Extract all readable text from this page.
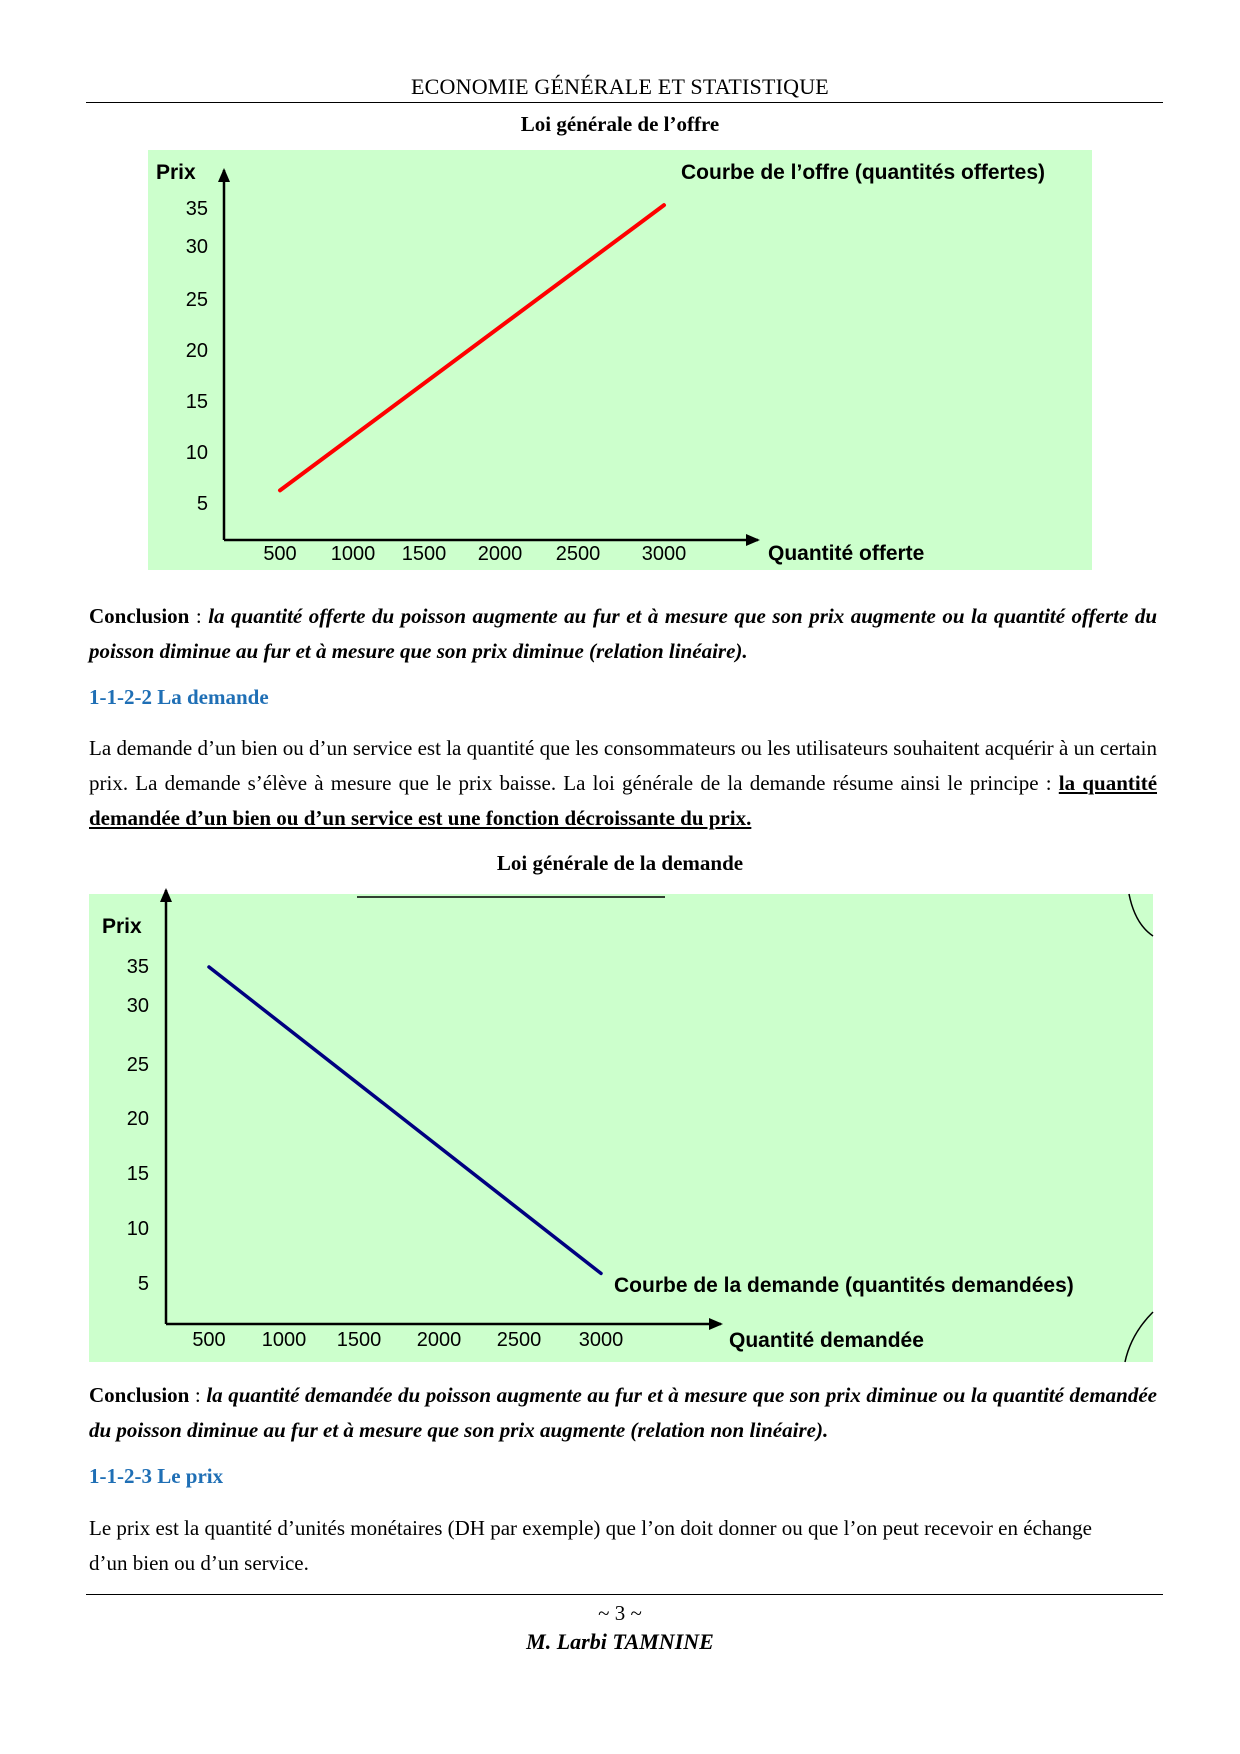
ECONOMIE GÉNÉRALE ET STATISTIQUE
Loi générale de l’offre
Prix
Quantité offerte
Courbe de l’offre (quantités offertes)
35
30
25
20
15
10
5
500 1000 1500 2000 2500 3000
Conclusion : la quantité offerte du poisson augmente au fur et à mesure que son prix augmente ou la quantité offerte du poisson diminue au fur et à mesure que son prix diminue (relation linéaire).
1-1-2-2 La demande
La demande d’un bien ou d’un service est la quantité que les consommateurs ou les utilisateurs souhaitent acquérir à un certain prix. La demande s’élève à mesure que le prix baisse. La loi générale de la demande résume ainsi le principe : la quantité demandée d’un bien ou d’un service est une fonction décroissante du prix.
Loi générale de la demande
Prix
Quantité demandée
Courbe de la demande (quantités demandées)
35
30
25
20
15
10
5
500 1000 1500 2000 2500 3000
Conclusion : la quantité demandée du poisson augmente au fur et à mesure que son prix diminue ou la quantité demandée du poisson diminue au fur et à mesure que son prix augmente (relation non linéaire).
1-1-2-3 Le prix
Le prix est la quantité d’unités monétaires (DH par exemple) que l’on doit donner ou que l’on peut recevoir en échange d’un bien ou d’un service.
~ 3 ~
M. Larbi TAMNINE
